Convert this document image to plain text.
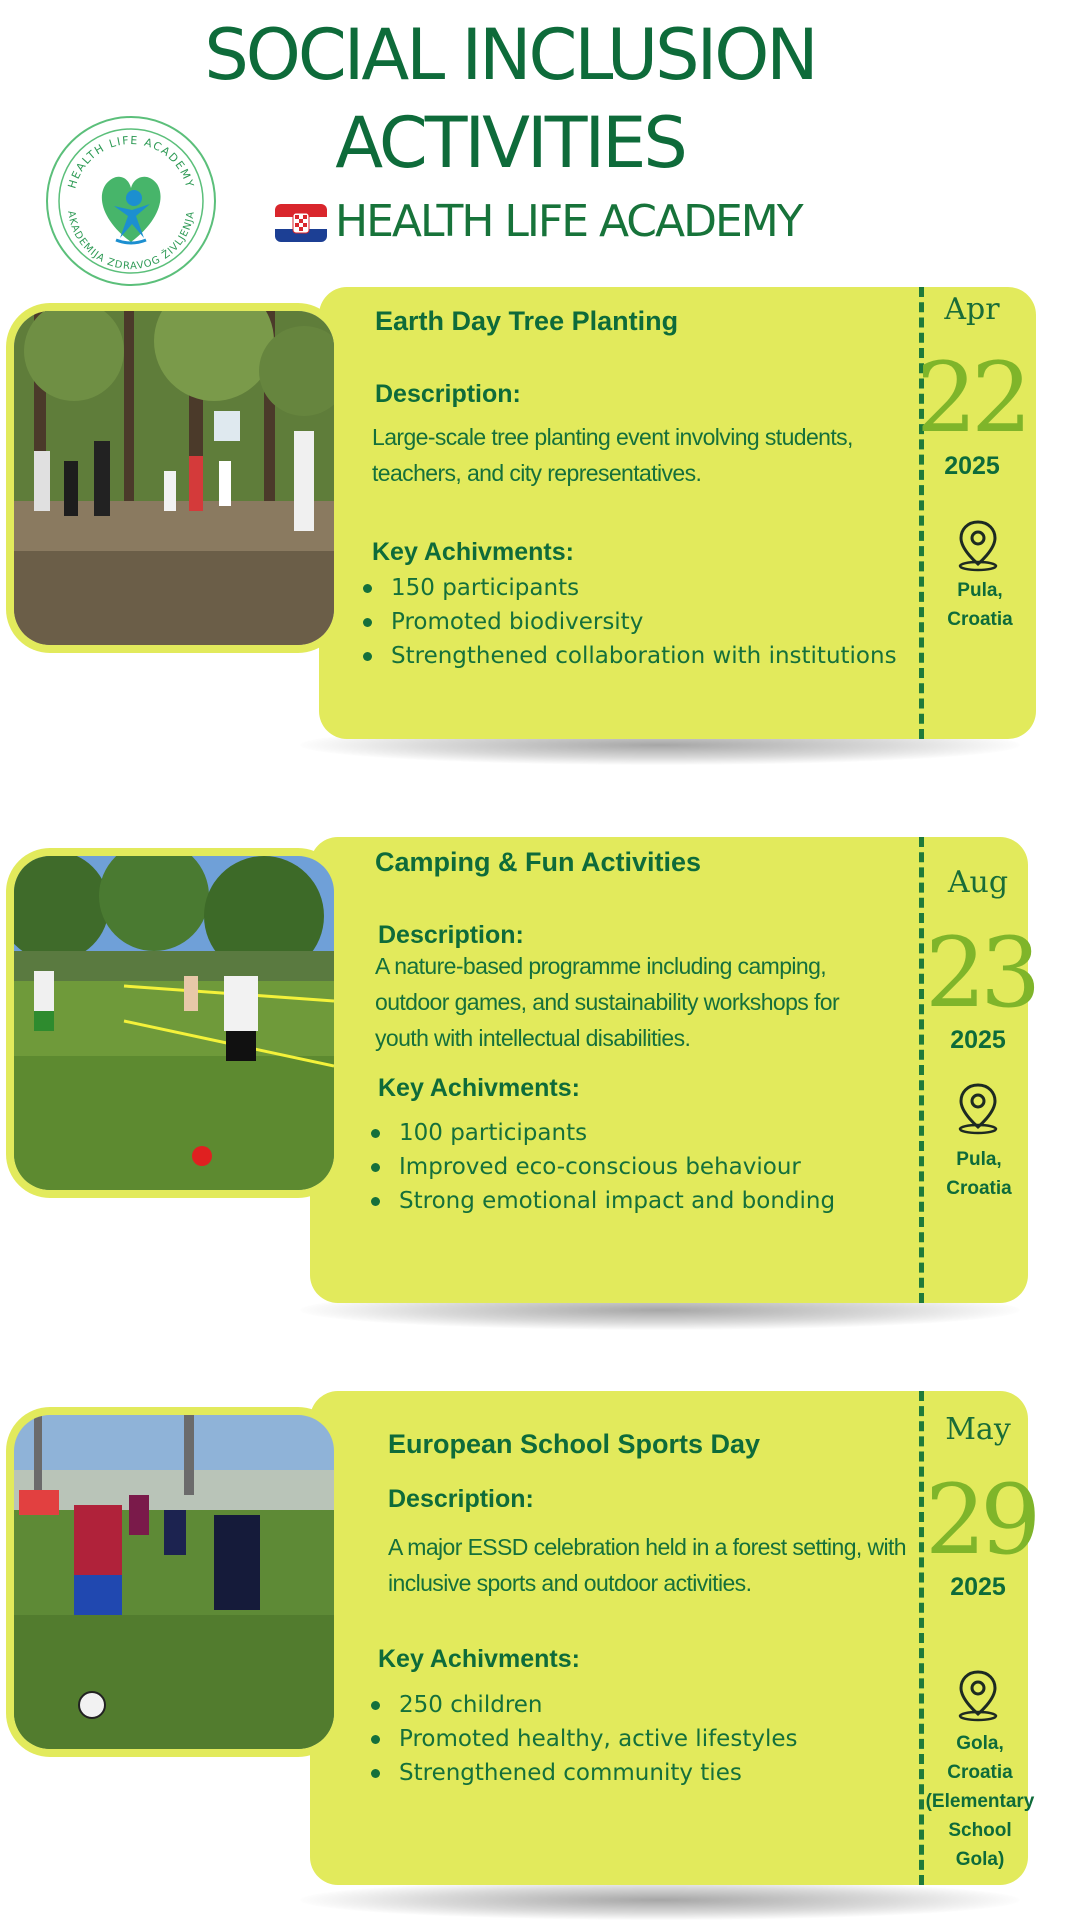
SOCIAL INCLUSION
ACTIVITIES
HEALTH LIFE ACADEMY
AKADEMIJA ZDRAVOG ŽIVLJENJA	HEALTH LIFE ACADEMY
Earth Day Tree Planting
Description:
Large-scale tree planting event involving students, teachers, and city representatives.
Key Achivments:
150 participants
Promoted biodiversity
Strengthened collaboration with institutions
Apr
22
2025
Pula, Croatia
Camping & Fun Activities
Description:
A nature-based programme including camping, outdoor games, and sustainability workshops for youth with intellectual disabilities.
Key Achivments:
100 participants
Improved eco-conscious behaviour
Strong emotional impact and bonding
Aug
23
2025
Pula, Croatia
European School Sports Day
Description:
A major ESSD celebration held in a forest setting, with inclusive sports and outdoor activities.
Key Achivments:
250 children
Promoted healthy, active lifestyles
Strengthened community ties
May
29
2025
Gola, Croatia (Elementary School Gola)
